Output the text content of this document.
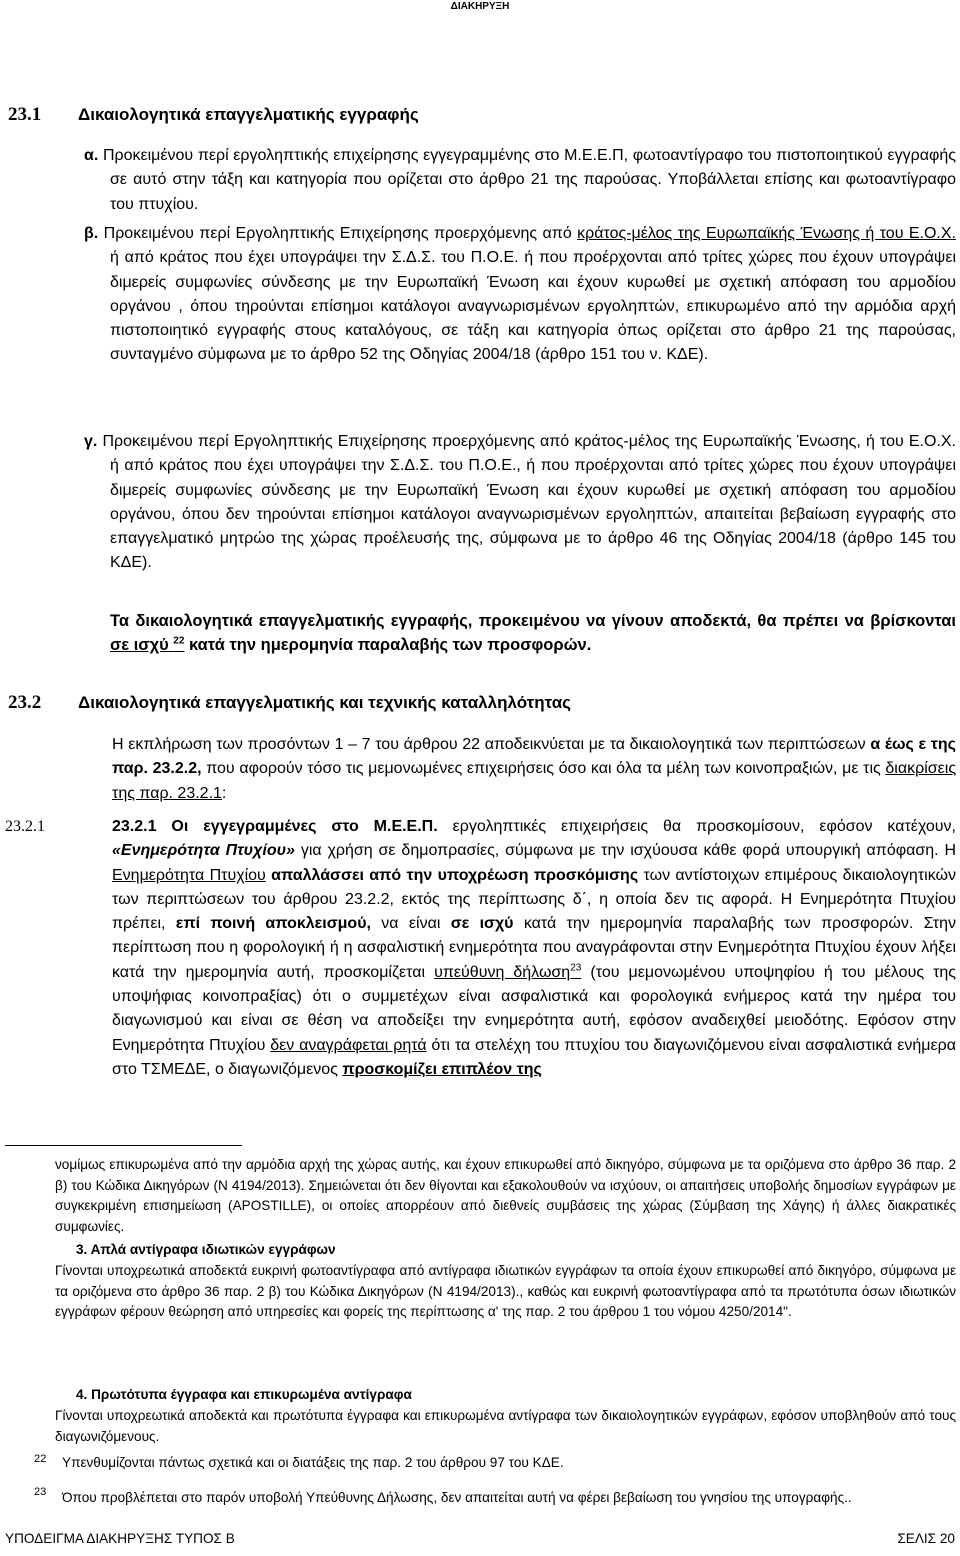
ΔΙΑΚΗΡΥΞΗ
23.1 Δικαιολογητικά επαγγελματικής εγγραφής
α. Προκειμένου περί εργοληπτικής επιχείρησης εγγεγραμμένης στο Μ.Ε.Ε.Π, φωτοαντίγραφο του πιστοποιητικού εγγραφής σε αυτό στην τάξη και κατηγορία που ορίζεται στο άρθρο 21 της παρούσας. Υποβάλλεται επίσης και φωτοαντίγραφο του πτυχίου.
β. Προκειμένου περί Εργοληπτικής Επιχείρησης προερχόμενης από κράτος-μέλος της Ευρωπαϊκής Ένωσης ή του Ε.Ο.Χ. ή από κράτος που έχει υπογράψει την Σ.Δ.Σ. του Π.Ο.Ε. ή που προέρχονται από τρίτες χώρες που έχουν υπογράψει διμερείς συμφωνίες σύνδεσης με την Ευρωπαϊκή Ένωση και έχουν κυρωθεί με σχετική απόφαση του αρμοδίου οργάνου , όπου τηρούνται επίσημοι κατάλογοι αναγνωρισμένων εργοληπτών, επικυρωμένο από την αρμόδια αρχή πιστοποιητικό εγγραφής στους καταλόγους, σε τάξη και κατηγορία όπως ορίζεται στο άρθρο 21 της παρούσας, συνταγμένο σύμφωνα με το άρθρο 52 της Οδηγίας 2004/18 (άρθρο 151 του ν. ΚΔΕ).
γ. Προκειμένου περί Εργοληπτικής Επιχείρησης προερχόμενης από κράτος-μέλος της Ευρωπαϊκής Ένωσης, ή του Ε.Ο.Χ. ή από κράτος που έχει υπογράψει την Σ.Δ.Σ. του Π.Ο.Ε., ή που προέρχονται από τρίτες χώρες που έχουν υπογράψει διμερείς συμφωνίες σύνδεσης με την Ευρωπαϊκή Ένωση και έχουν κυρωθεί με σχετική απόφαση του αρμοδίου οργάνου, όπου δεν τηρούνται επίσημοι κατάλογοι αναγνωρισμένων εργοληπτών, απαιτείται βεβαίωση εγγραφής στο επαγγελματικό μητρώο της χώρας προέλευσής της, σύμφωνα με το άρθρο 46 της Οδηγίας 2004/18 (άρθρο 145 του ΚΔΕ).
Τα δικαιολογητικά επαγγελματικής εγγραφής, προκειμένου να γίνουν αποδεκτά, θα πρέπει να βρίσκονται σε ισχύ $^{22}$ κατά την ημερομηνία παραλαβής των προσφορών.
23.2 Δικαιολογητικά επαγγελματικής και τεχνικής καταλληλότητας
Η εκπλήρωση των προσόντων 1 – 7 του άρθρου 22 αποδεικνύεται με τα δικαιολογητικά των περιπτώσεων α έως ε της παρ. 23.2.2, που αφορούν τόσο τις μεμονωμένες επιχειρήσεις όσο και όλα τα μέλη των κοινοπραξιών, με τις διακρίσεις της παρ. 23.2.1:
23.2.1	23.2.1 Οι εγγεγραμμένες στο Μ.Ε.Ε.Π. εργοληπτικές επιχειρήσεις θα προσκομίσουν, εφόσον κατέχουν, «Ενημερότητα Πτυχίου» για χρήση σε δημοπρασίες, σύμφωνα με την ισχύουσα κάθε φορά υπουργική απόφαση. Η Ενημερότητα Πτυχίου απαλλάσσει από την υποχρέωση προσκόμισης των αντίστοιχων επιμέρους δικαιολογητικών των περιπτώσεων του άρθρου 23.2.2, εκτός της περίπτωσης δ΄, η οποία δεν τις αφορά. Η Ενημερότητα Πτυχίου πρέπει, επί ποινή αποκλεισμού, να είναι σε ισχύ κατά την ημερομηνία παραλαβής των προσφορών. Στην περίπτωση που η φορολογική ή η ασφαλιστική ενημερότητα που αναγράφονται στην Ενημερότητα Πτυχίου έχουν λήξει κατά την ημερομηνία αυτή, προσκομίζεται υπεύθυνη δήλωση$^{23}$ (του μεμονωμένου υποψηφίου ή του μέλους της υποψήφιας κοινοπραξίας) ότι ο συμμετέχων είναι ασφαλιστικά και φορολογικά ενήμερος κατά την ημέρα του διαγωνισμού και είναι σε θέση να αποδείξει την ενημερότητα αυτή, εφόσον αναδειχθεί μειοδότης. Εφόσον στην Ενημερότητα Πτυχίου δεν αναγράφεται ρητά ότι τα στελέχη του πτυχίου του διαγωνιζόμενου είναι ασφαλιστικά ενήμερα στο ΤΣΜΕΔΕ, ο διαγωνιζόμενος προσκομίζει επιπλέον της
νομίμως επικυρωμένα από την αρμόδια αρχή της χώρας αυτής, και έχουν επικυρωθεί από δικηγόρο, σύμφωνα με τα οριζόμενα στο άρθρο 36 παρ. 2 β) του Κώδικα Δικηγόρων (Ν 4194/2013). Σημειώνεται ότι δεν θίγονται και εξακολουθούν να ισχύουν, οι απαιτήσεις υποβολής δημοσίων εγγράφων με συγκεκριμένη επισημείωση (APOSTILLE), οι οποίες απορρέουν από διεθνείς συμβάσεις της χώρας (Σύμβαση της Χάγης) ή άλλες διακρατικές συμφωνίες.
3. Απλά αντίγραφα ιδιωτικών εγγράφων
Γίνονται υποχρεωτικά αποδεκτά ευκρινή φωτοαντίγραφα από αντίγραφα ιδιωτικών εγγράφων τα οποία έχουν επικυρωθεί από δικηγόρο, σύμφωνα με τα οριζόμενα στο άρθρο 36 παρ. 2 β) του Κώδικα Δικηγόρων (Ν 4194/2013)., καθώς και ευκρινή φωτοαντίγραφα από τα πρωτότυπα όσων ιδιωτικών εγγράφων φέρουν θεώρηση από υπηρεσίες και φορείς της περίπτωσης α' της παρ. 2 του άρθρου 1 του νόμου 4250/2014".
4. Πρωτότυπα έγγραφα και επικυρωμένα αντίγραφα
Γίνονται υποχρεωτικά αποδεκτά και πρωτότυπα έγγραφα και επικυρωμένα αντίγραφα των δικαιολογητικών εγγράφων, εφόσον υποβληθούν από τους διαγωνιζόμενους.
22 Υπενθυμίζονται πάντως σχετικά και οι διατάξεις της παρ. 2 του άρθρου 97 του ΚΔΕ.
23 Όπου προβλέπεται στο παρόν υποβολή Υπεύθυνης Δήλωσης, δεν απαιτείται αυτή να φέρει βεβαίωση του γνησίου της υπογραφής..
ΥΠΟΔΕΙΓΜΑ ΔΙΑΚΗΡΥΞΗΣ ΤΥΠΟΣ Β	ΣΕΛΙΣ 20
